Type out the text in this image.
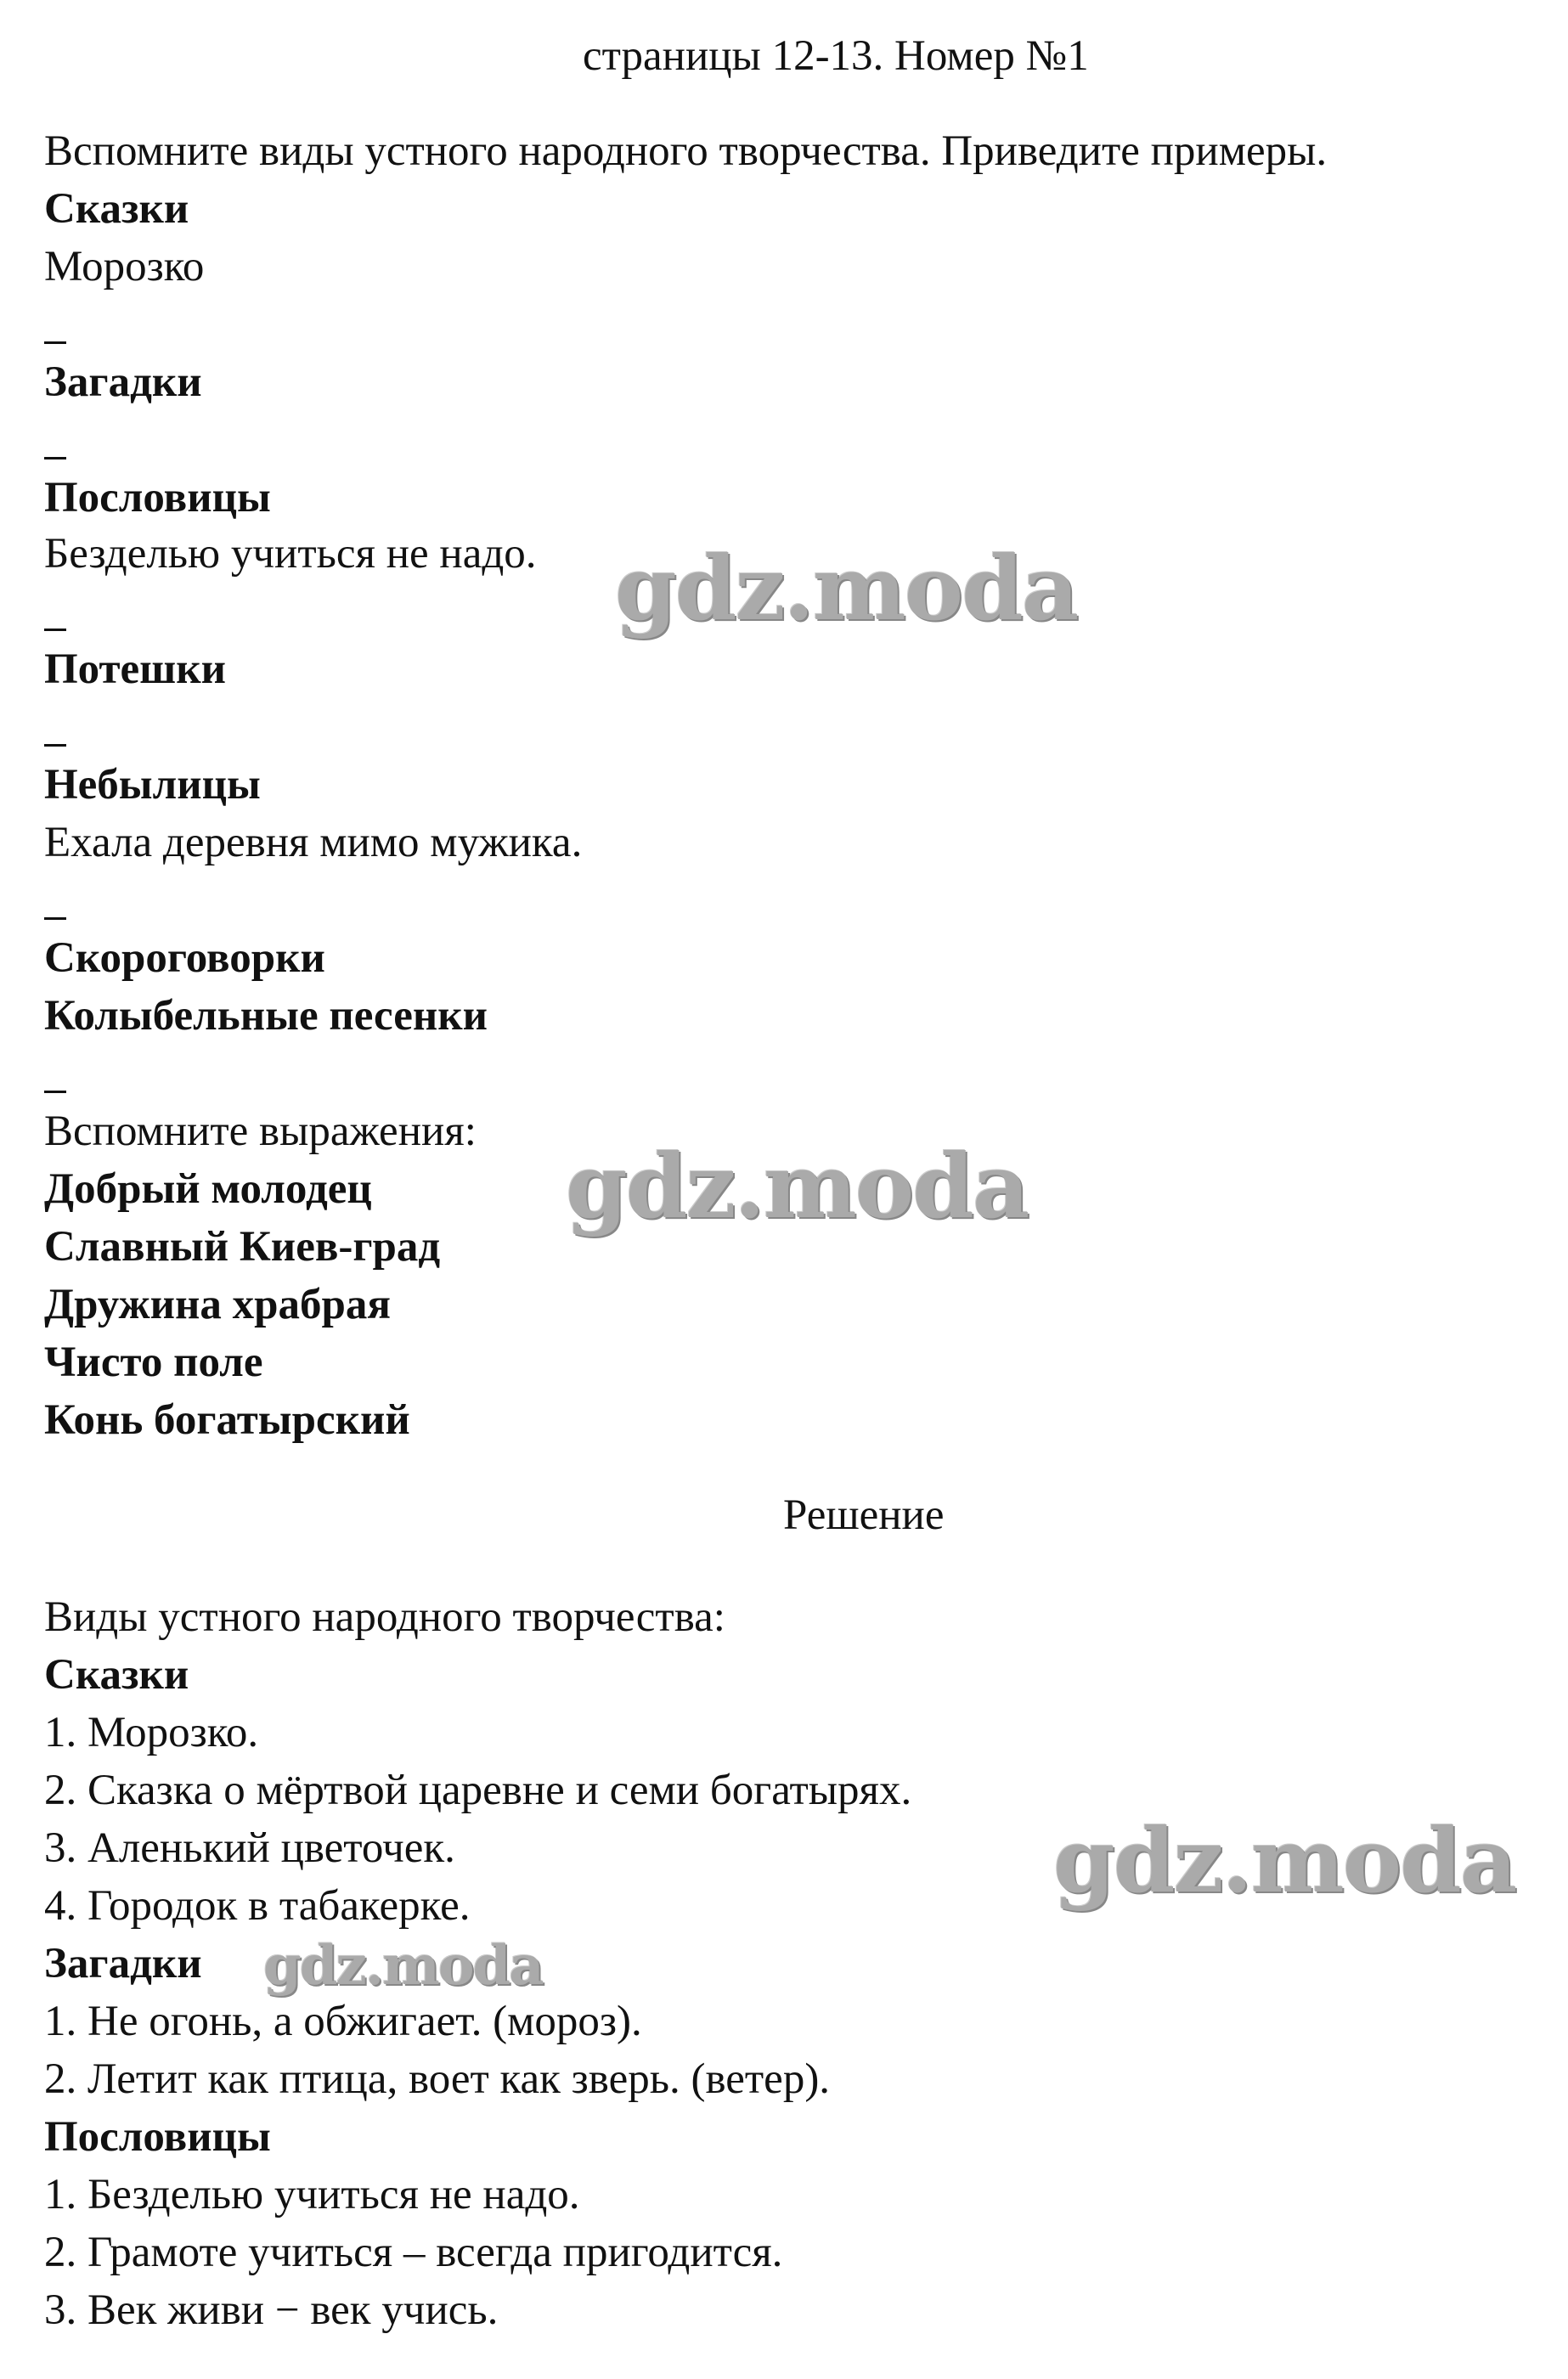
страницы 12-13. Номер №1
Вспомните виды устного народного творчества. Приведите примеры.
Сказки
Морозко
Загадки
Пословицы
Безделью учиться не надо.
Потешки
Небылицы
Ехала деревня мимо мужика.
Скороговорки
Колыбельные песенки
Вспомните выражения:
Добрый молодец
Славный Киев-град
Дружина храбрая
Чисто поле
Конь богатырский
Решение
Виды устного народного творчества:
Сказки
1. Морозко.
2. Сказка о мёртвой царевне и семи богатырях.
3. Аленький цветочек.
4. Городок в табакерке.
Загадки
1. Не огонь, а обжигает. (мороз).
2. Летит как птица, воет как зверь. (ветер).
Пословицы
1. Безделью учиться не надо.
2. Грамоте учиться – всегда пригодится.
3. Век живи − век учись.
gdz.moda
gdz.moda
gdz.moda
gdz.moda
